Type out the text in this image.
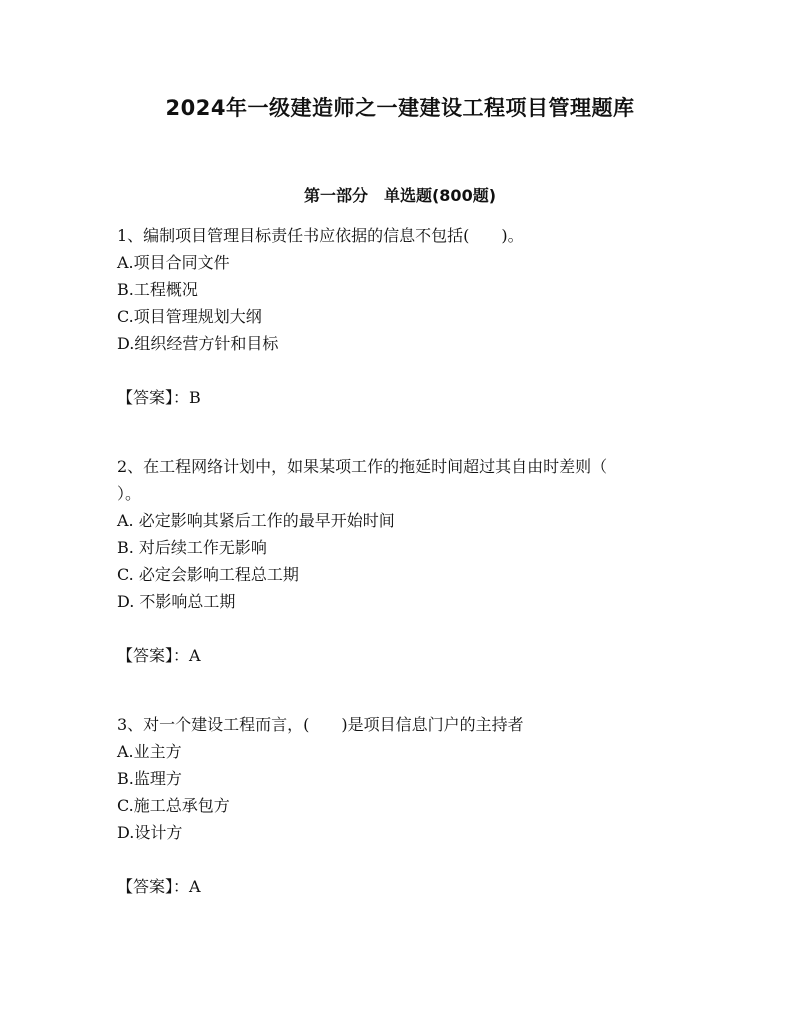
2024年一级建造师之一建建设工程项目管理题库
第一部分　单选题(800题)
1、编制项目管理目标责任书应依据的信息不包括(　　)。
A.项目合同文件
B.工程概况
C.项目管理规划大纲
D.组织经营方针和目标
【答案】：B
2、在工程网络计划中，如果某项工作的拖延时间超过其自由时差则（
）。
A. 必定影响其紧后工作的最早开始时间
B. 对后续工作无影响
C. 必定会影响工程总工期
D. 不影响总工期
【答案】：A
3、对一个建设工程而言，(　　)是项目信息门户的主持者
A.业主方
B.监理方
C.施工总承包方
D.设计方
【答案】：A
